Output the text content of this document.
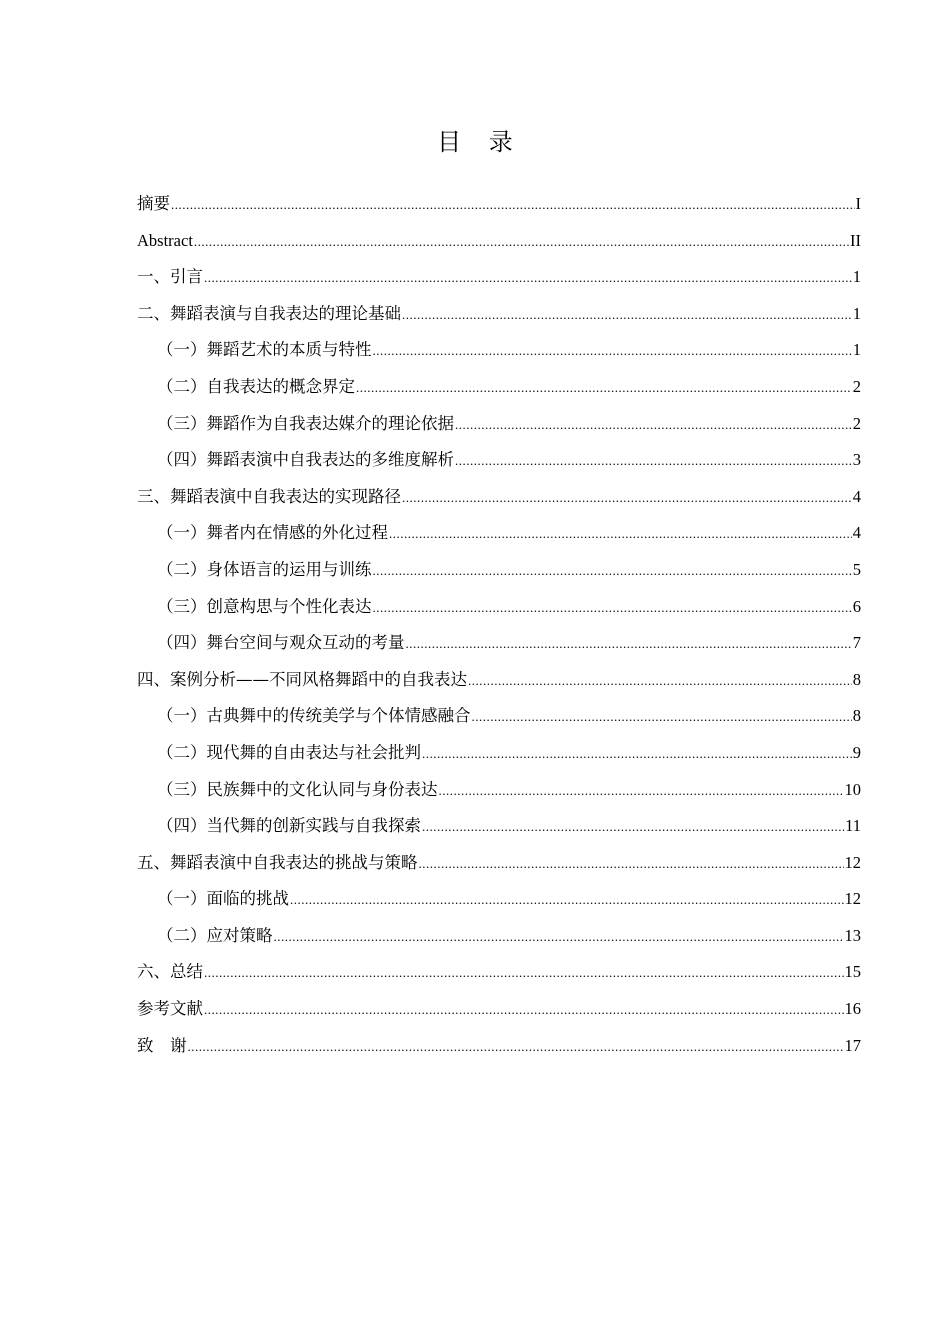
目 录
摘要 .....	I
Abstract .....	II
一、引言 .....	1
二、舞蹈表演与自我表达的理论基础 .....	1
（一）舞蹈艺术的本质与特性 .....	1
（二）自我表达的概念界定 .....	2
（三）舞蹈作为自我表达媒介的理论依据 .....	2
（四）舞蹈表演中自我表达的多维度解析 .....	3
三、舞蹈表演中自我表达的实现路径 .....	4
（一）舞者内在情感的外化过程 .....	4
（二）身体语言的运用与训练 .....	5
（三）创意构思与个性化表达 .....	6
（四）舞台空间与观众互动的考量 .....	7
四、案例分析——不同风格舞蹈中的自我表达 .....	8
（一）古典舞中的传统美学与个体情感融合 .....	8
（二）现代舞的自由表达与社会批判 .....	9
（三）民族舞中的文化认同与身份表达 .....	10
（四）当代舞的创新实践与自我探索 .....	11
五、舞蹈表演中自我表达的挑战与策略 .....	12
（一）面临的挑战 .....	12
（二）应对策略 .....	13
六、总结 .....	15
参考文献 .....	16
致　谢 .....	17
